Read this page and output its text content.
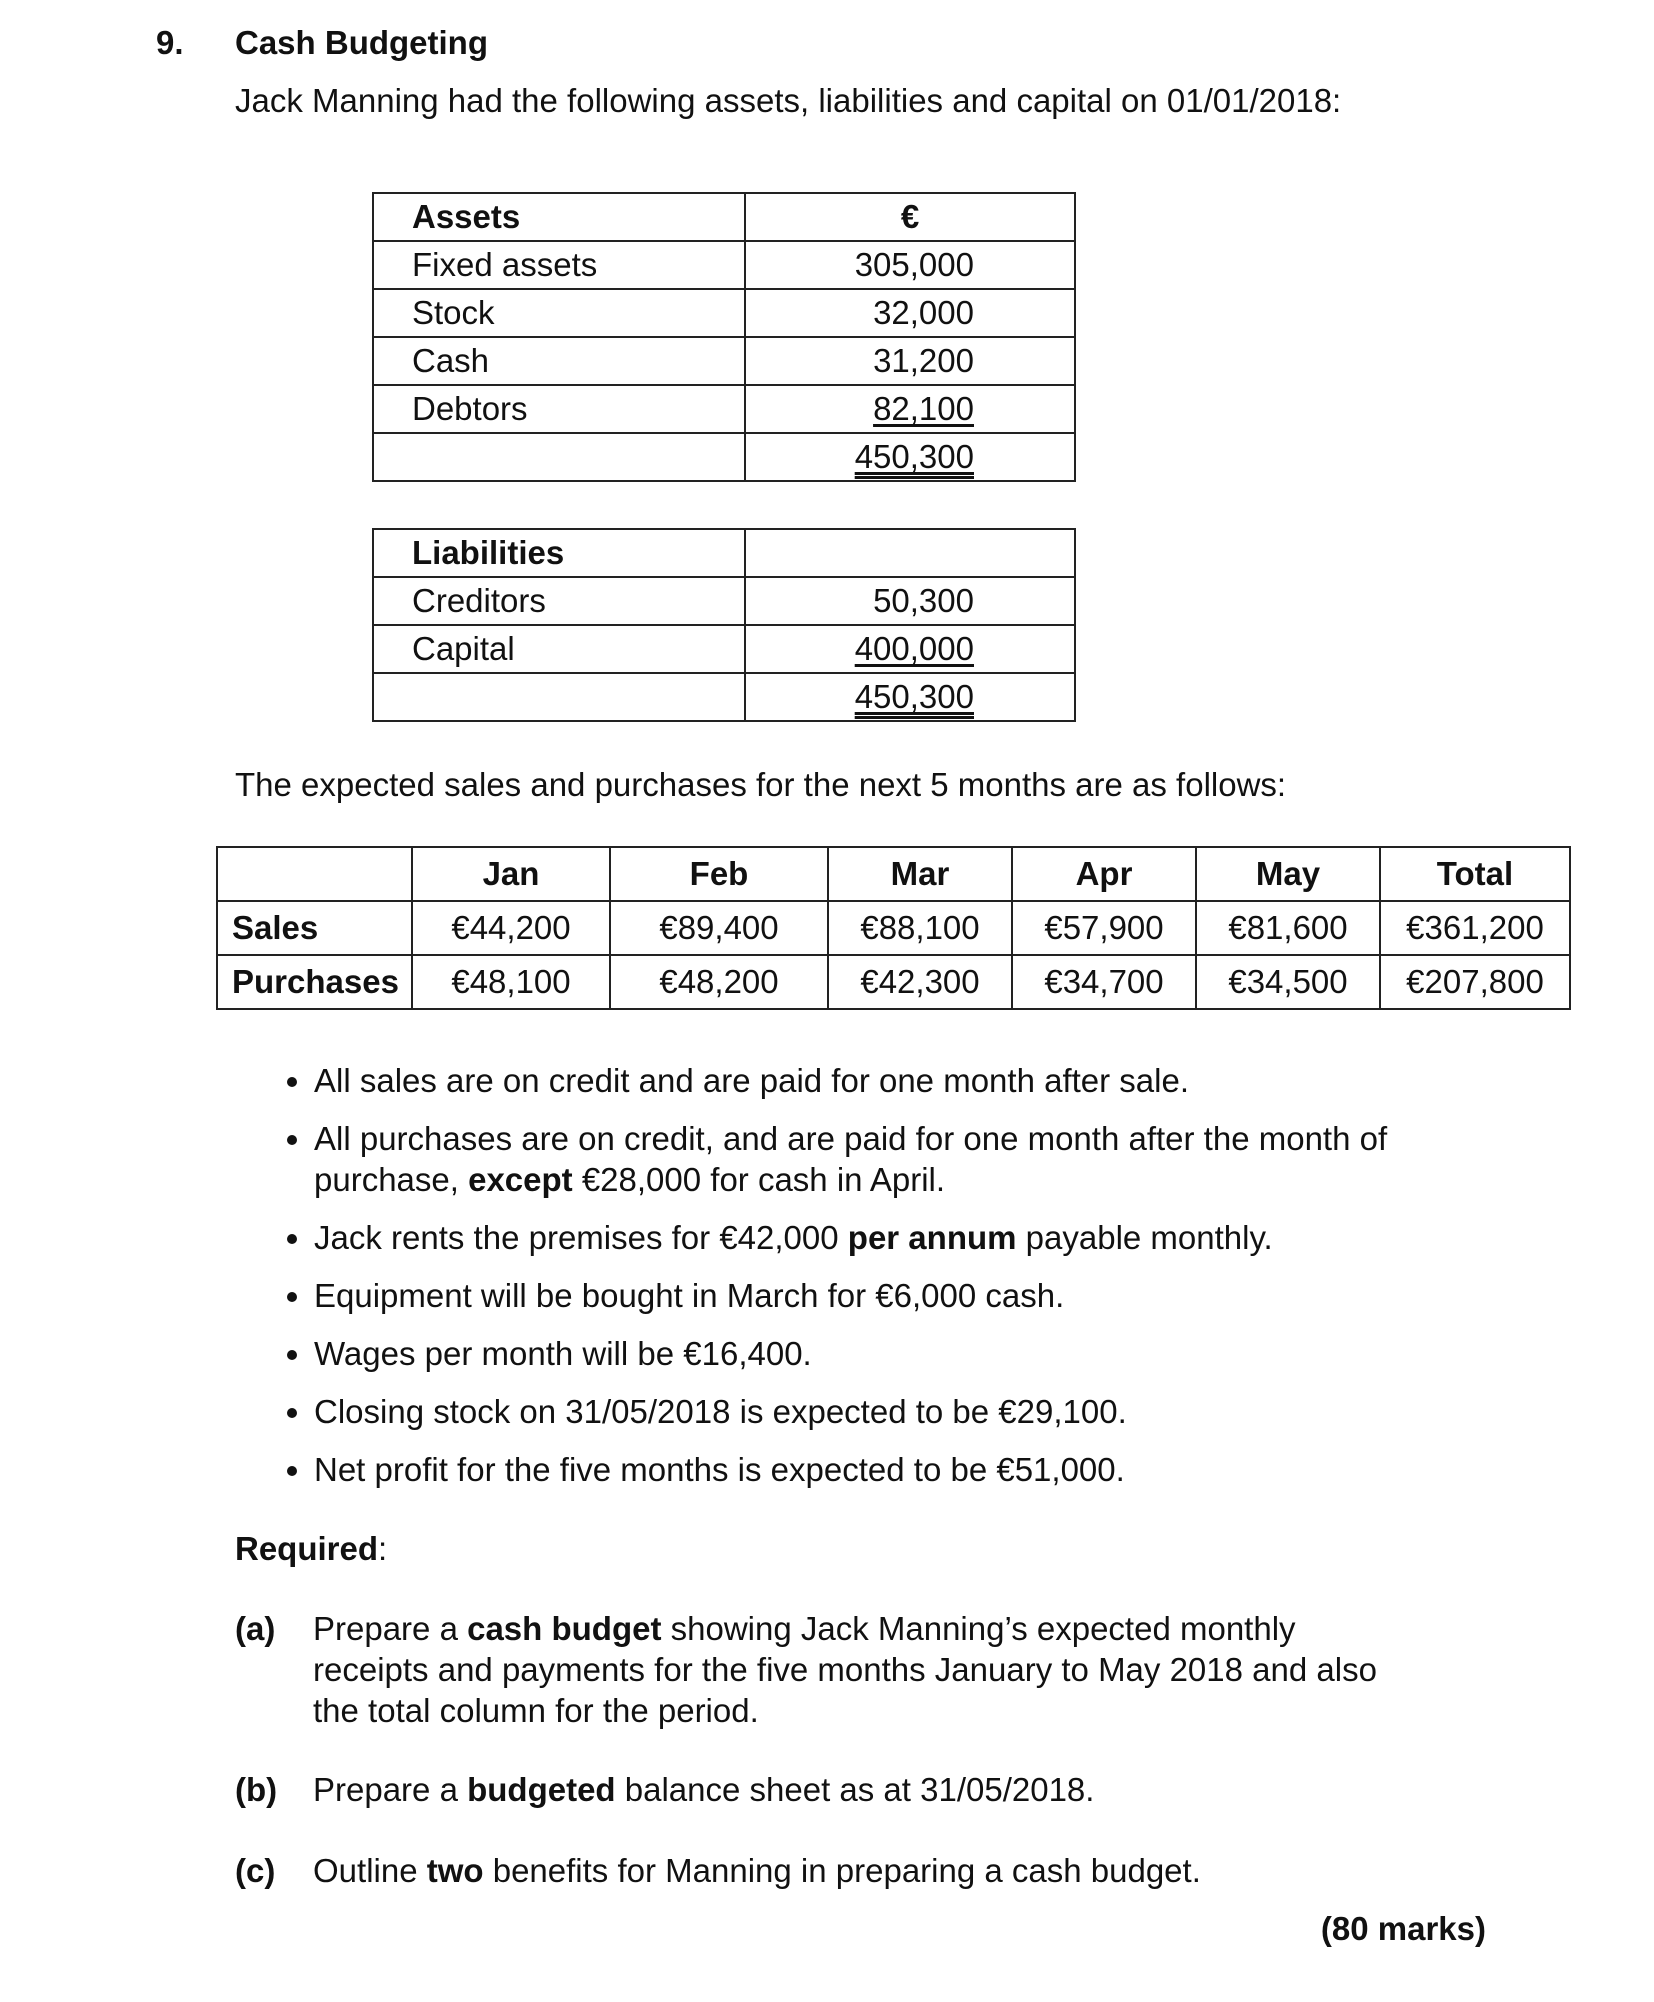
9. Cash Budgeting
Jack Manning had the following assets, liabilities and capital on 01/01/2018:
Assets	€
Fixed assets	305,000
Stock	32,000
Cash	31,200
Debtors	82,100
	450,300
Liabilities	
Creditors	50,300
Capital	400,000
	450,300
The expected sales and purchases for the next 5 months are as follows:
	Jan	Feb	Mar	Apr	May	Total
Sales	€44,200	€89,400	€88,100	€57,900	€81,600	€361,200
Purchases	€48,100	€48,200	€42,300	€34,700	€34,500	€207,800
• All sales are on credit and are paid for one month after sale.
• All purchases are on credit, and are paid for one month after the month of purchase, except €28,000 for cash in April.
• Jack rents the premises for €42,000 per annum payable monthly.
• Equipment will be bought in March for €6,000 cash.
• Wages per month will be €16,400.
• Closing stock on 31/05/2018 is expected to be €29,100.
• Net profit for the five months is expected to be €51,000.
Required:
(a) Prepare a cash budget showing Jack Manning’s expected monthly receipts and payments for the five months January to May 2018 and also the total column for the period.
(b) Prepare a budgeted balance sheet as at 31/05/2018.
(c) Outline two benefits for Manning in preparing a cash budget.
(80 marks)
